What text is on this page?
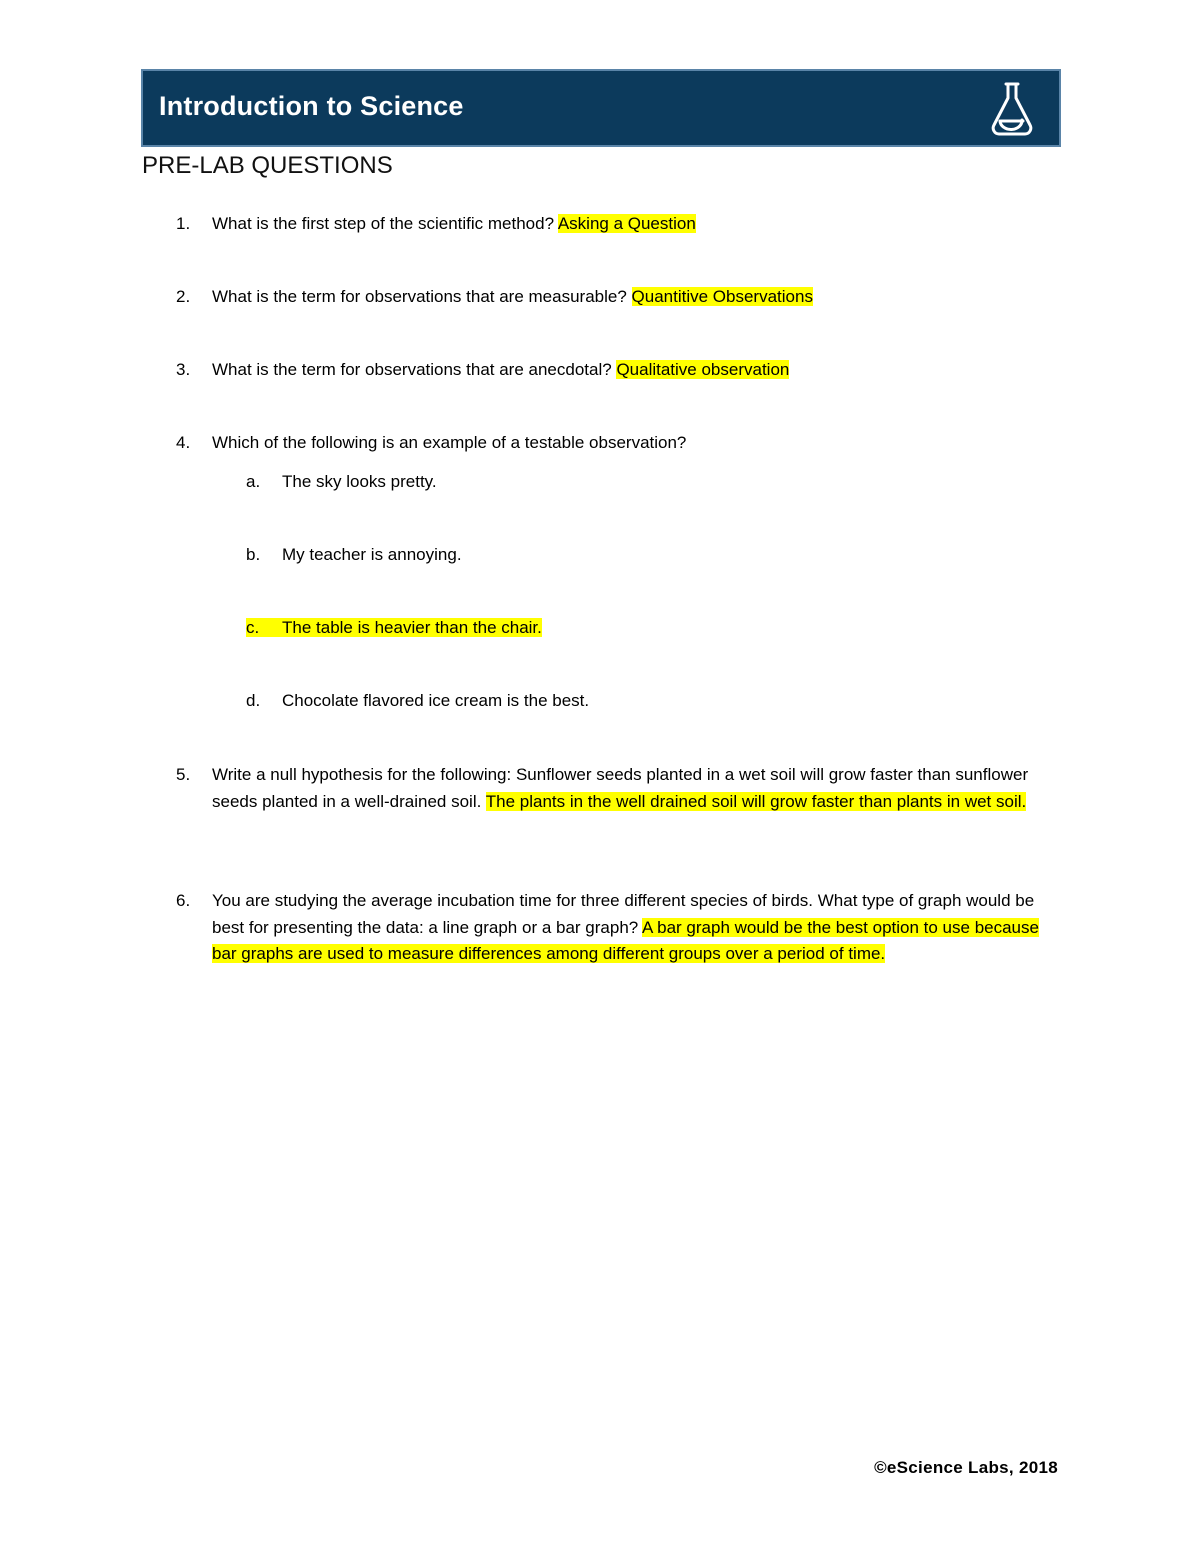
Introduction to Science
PRE-LAB QUESTIONS
1. What is the first step of the scientific method? Asking a Question
2. What is the term for observations that are measurable? Quantitive Observations
3. What is the term for observations that are anecdotal? Qualitative observation
4. Which of the following is an example of a testable observation?
a. The sky looks pretty.
b. My teacher is annoying.
c. The table is heavier than the chair.
d. Chocolate flavored ice cream is the best.
5. Write a null hypothesis for the following: Sunflower seeds planted in a wet soil will grow faster than sunflower seeds planted in a well-drained soil. The plants in the well drained soil will grow faster than plants in wet soil.
6. You are studying the average incubation time for three different species of birds. What type of graph would be best for presenting the data: a line graph or a bar graph? A bar graph would be the best option to use because bar graphs are used to measure differences among different groups over a period of time.
©eScience Labs, 2018
